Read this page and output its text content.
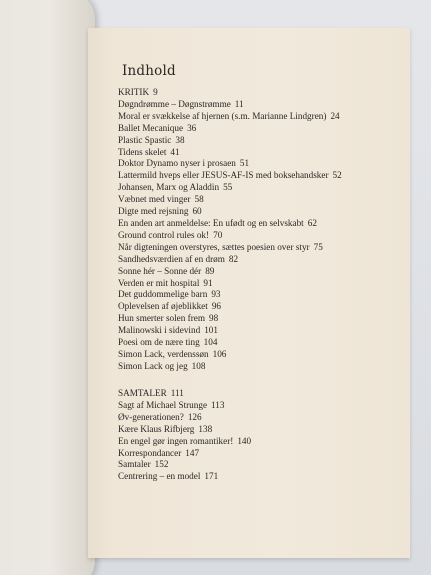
Indhold
KRITIK 9
Døgndrømme – Døgnstrømme 11
Moral er svækkelse af hjernen (s.m. Marianne Lindgren) 24
Ballet Mecanique 36
Plastic Spastic 38
Tidens skelet 41
Doktor Dynamo nyser i prosaen 51
Lattermild hveps eller JESUS-AF-IS med boksehandsker 52
Johansen, Marx og Aladdin 55
Væbnet med vinger 58
Digte med rejsning 60
En anden art anmeldelse: En ufødt og en selvskabt 62
Ground control rules ok! 70
Når digteningen overstyres, sættes poesien over styr 75
Sandhedsværdien af en drøm 82
Sonne hér – Sonne dér 89
Verden er mit hospital 91
Det guddommelige barn 93
Oplevelsen af øjeblikket 96
Hun smerter solen frem 98
Malinowski i sidevind 101
Poesi om de nære ting 104
Simon Lack, verdenssøn 106
Simon Lack og jeg 108
SAMTALER 111
Sagt af Michael Strunge 113
Øv-generationen? 126
Kære Klaus Rifbjerg 138
En engel gør ingen romantiker! 140
Korrespondancer 147
Samtaler 152
Centrering – en model 171
